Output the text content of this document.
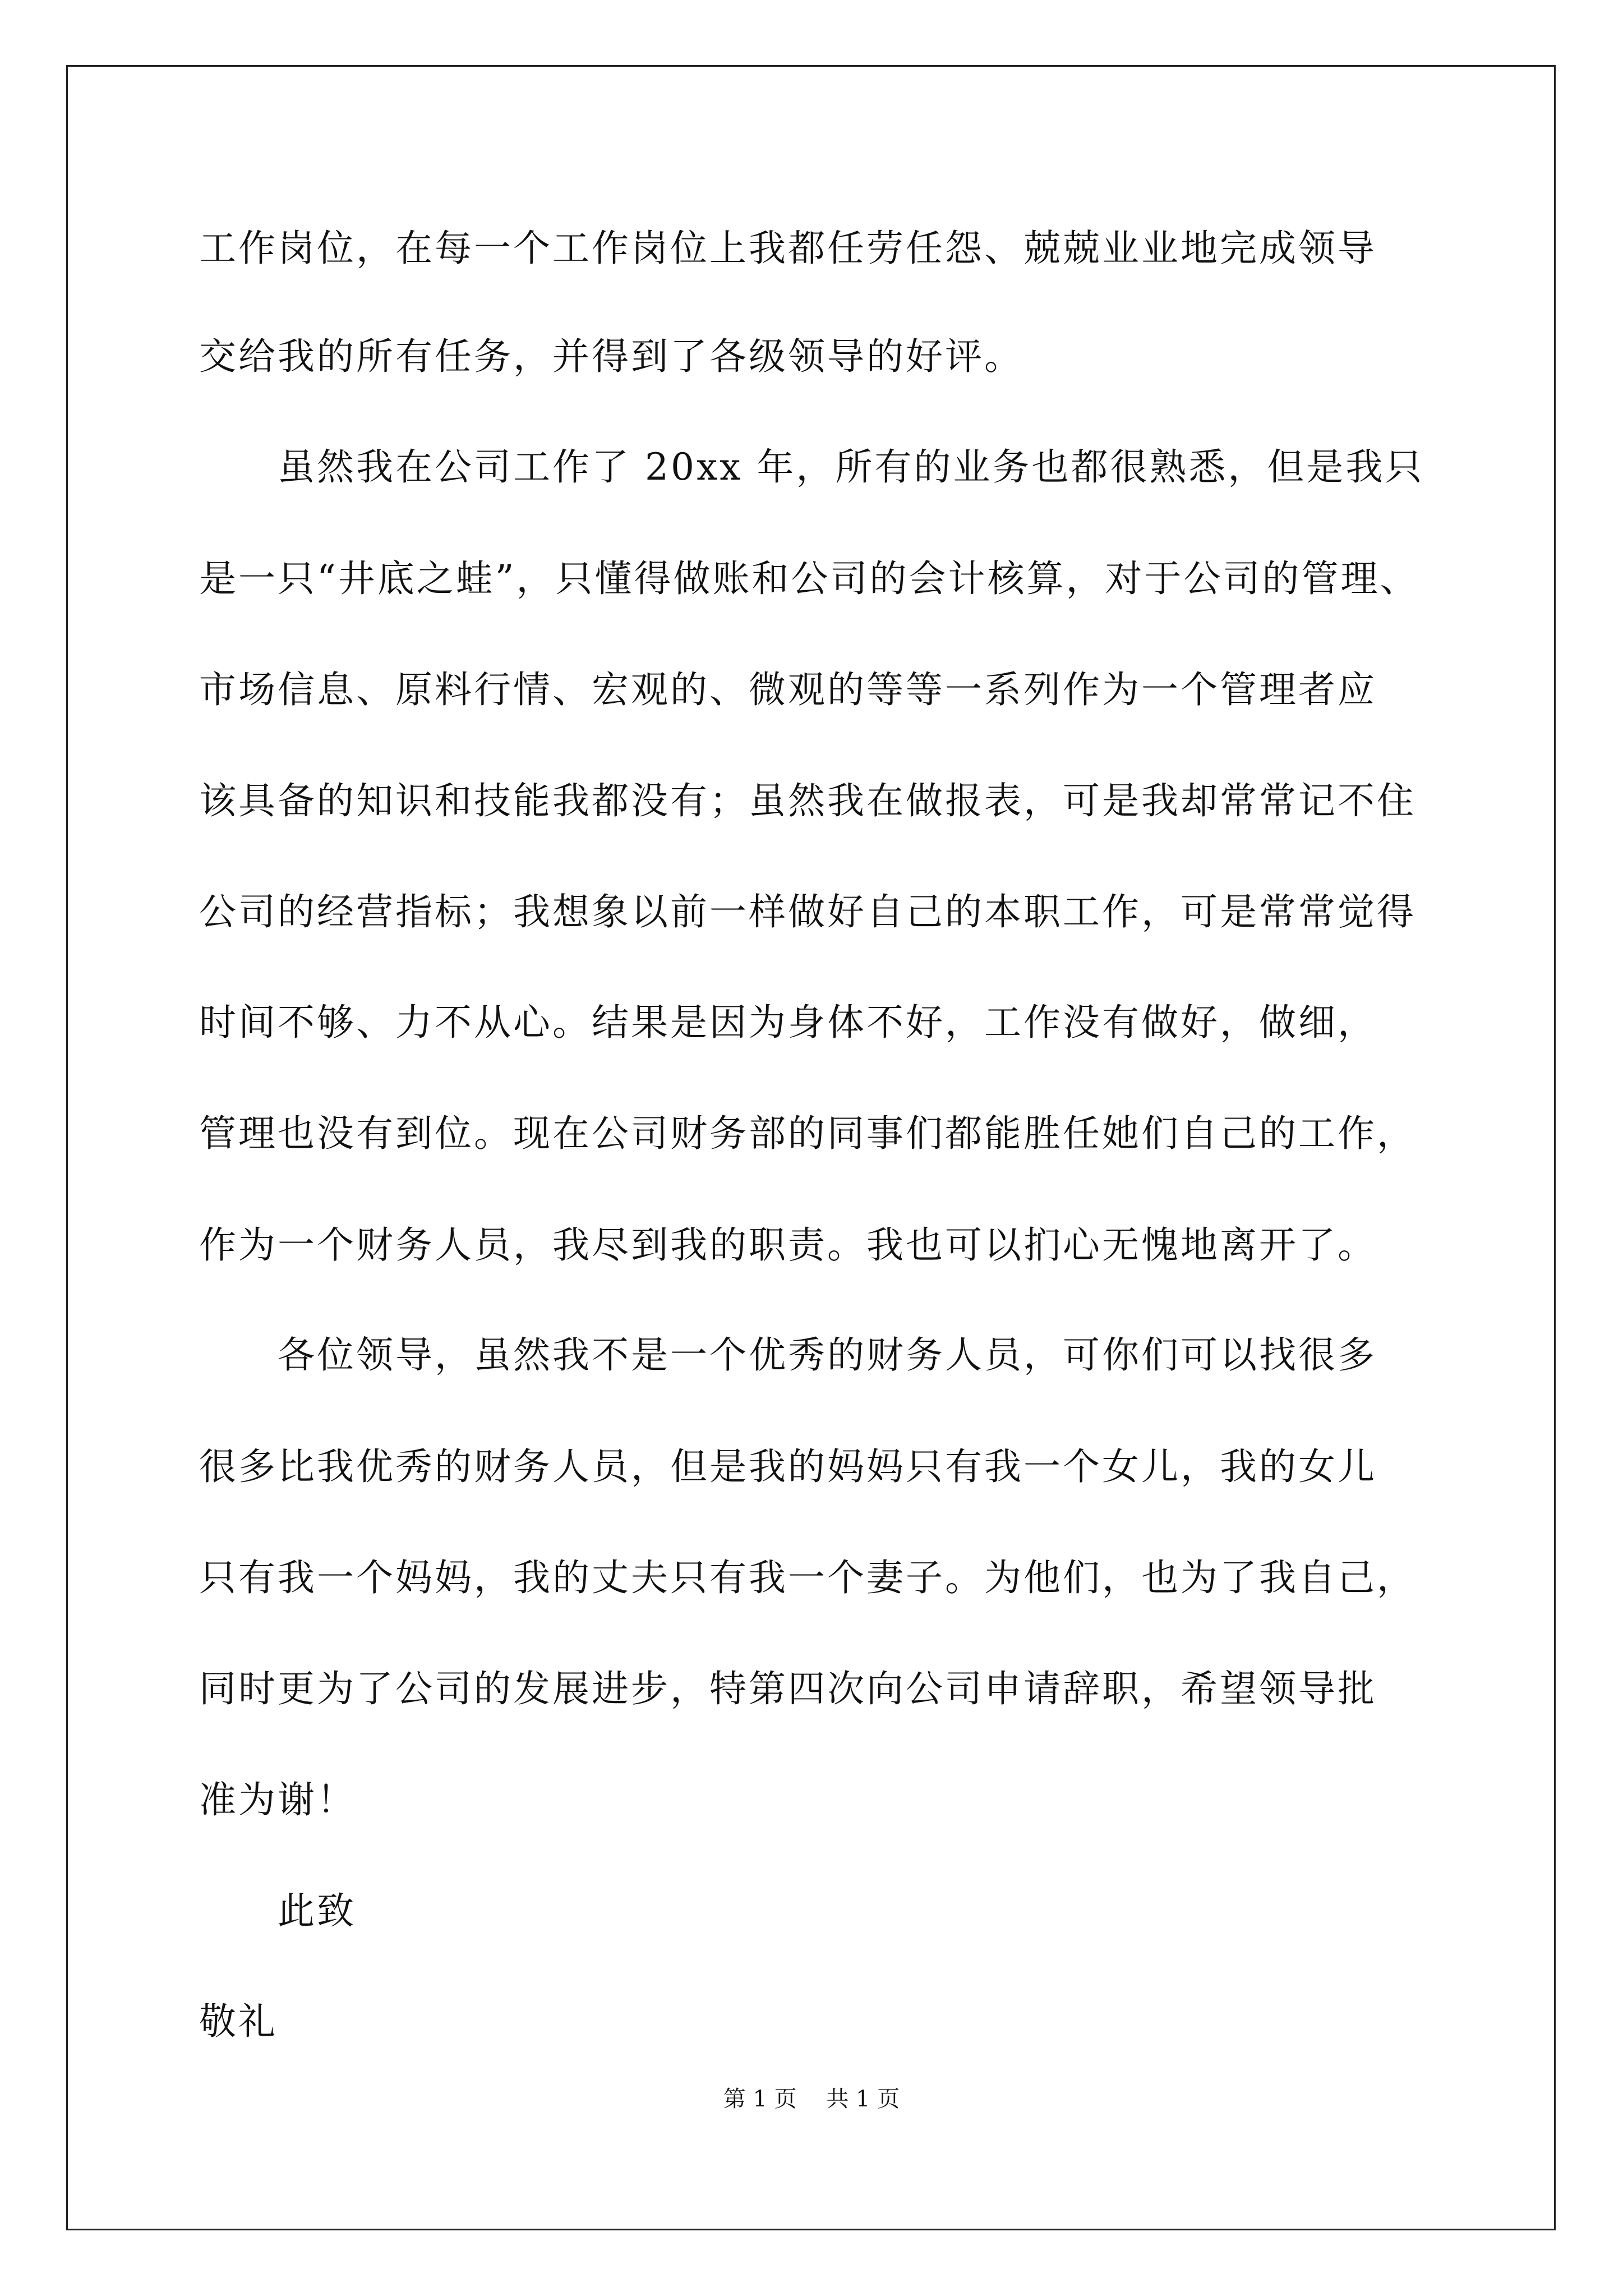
工作岗位，在每一个工作岗位上我都任劳任怨、兢兢业业地完成领导
交给我的所有任务，并得到了各级领导的好评。
　　虽然我在公司工作了 20xx 年，所有的业务也都很熟悉，但是我只
是一只“井底之蛙”，只懂得做账和公司的会计核算，对于公司的管理、
市场信息、原料行情、宏观的、微观的等等一系列作为一个管理者应
该具备的知识和技能我都没有；虽然我在做报表，可是我却常常记不住
公司的经营指标；我想象以前一样做好自己的本职工作，可是常常觉得
时间不够、力不从心。结果是因为身体不好，工作没有做好，做细，
管理也没有到位。现在公司财务部的同事们都能胜任她们自己的工作，
作为一个财务人员，我尽到我的职责。我也可以扪心无愧地离开了。
　　各位领导，虽然我不是一个优秀的财务人员，可你们可以找很多
很多比我优秀的财务人员，但是我的妈妈只有我一个女儿，我的女儿
只有我一个妈妈，我的丈夫只有我一个妻子。为他们，也为了我自己，
同时更为了公司的发展进步，特第四次向公司申请辞职，希望领导批
准为谢！
　　此致
敬礼
第 1 页　 共 1 页
